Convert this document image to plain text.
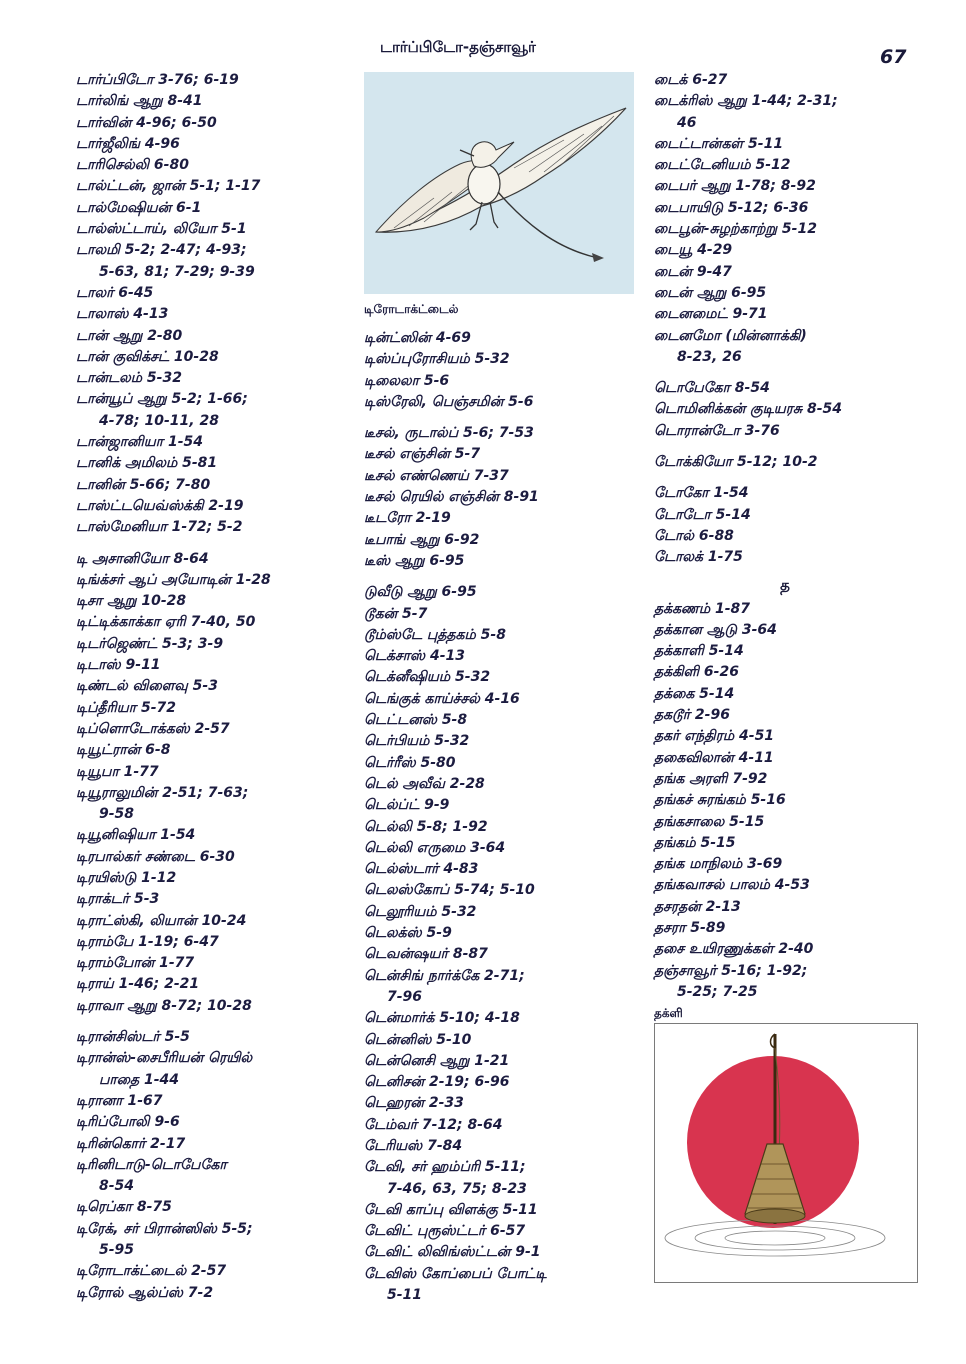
டார்ப்பிடோ-தஞ்சாவூர்	67
டார்ப்பிடோ 3-76; 6-19
டார்லிங் ஆறு 8-41
டார்வின் 4-96; 6-50
டார்ஜீலிங் 4-96
டாரிசெல்லி 6-80
டால்ட்டன், ஜான் 5-1; 1-17
டால்மேஷியன் 6-1
டால்ஸ்ட்டாய், லியோ 5-1
டாலமி 5-2; 2-47; 4-93;
5-63, 81; 7-29; 9-39
டாலர் 6-45
டாலாஸ் 4-13
டான் ஆறு 2-80
டான் குவிக்சட் 10-28
டான்டலம் 5-32
டான்யூப் ஆறு 5-2; 1-66;
4-78; 10-11, 28
டான்ஜானியா 1-54
டானிக் அமிலம் 5-81
டானின் 5-66; 7-80
டாஸ்ட்டயெவ்ஸ்க்கி 2-19
டாஸ்மேனியா 1-72; 5-2
டி அசானியோ 8-64
டிங்க்சர் ஆப் அயோடின் 1-28
டிசா ஆறு 10-28
டிட்டிக்காக்கா ஏரி 7-40, 50
டிடர்ஜெண்ட் 5-3; 3-9
டிடாஸ் 9-11
டிண்டல் விளைவு 5-3
டிப்தீரியா 5-72
டிப்ளொடோக்கஸ் 2-57
டியூட்ரான் 6-8
டியூபா 1-77
டியூராலுமின் 2-51; 7-63;
9-58
டியூனிஷியா 1-54
டிரபால்கர் சண்டை 6-30
டிரயிஸ்டு 1-12
டிராக்டர் 5-3
டிராட்ஸ்கி, லியான் 10-24
டிராம்பே 1-19; 6-47
டிராம்போன் 1-77
டிராய் 1-46; 2-21
டிராவா ஆறு 8-72; 10-28
டிரான்சிஸ்டர் 5-5
டிரான்ஸ்-சைபீரியன் ரெயில்
பாதை 1-44
டிரானா 1-67
டிரிப்போலி 9-6
டிரின்கொர் 2-17
டிரினிடாடு-டொபேகோ
8-54
டிரெப்கா 8-75
டிரேக், சர் பிரான்ஸிஸ் 5-5;
5-95
டிரோடாக்ட்டைல் 2-57
டிரோல் ஆல்ப்ஸ் 7-2
டிரோடாக்ட்டைல்
டின்ட்ஸின் 4-69
டிஸ்ப்புரோசியம் 5-32
டிலைலா 5-6
டிஸ்ரேலி, பெஞ்சமின் 5-6
டீசல், ருடால்ப் 5-6; 7-53
டீசல் எஞ்சின் 5-7
டீசல் எண்ணெய் 7-37
டீசல் ரெயில் எஞ்சின் 8-91
டீடரோ 2-19
டீபாங் ஆறு 6-92
டீஸ் ஆறு 6-95
டுவீடு ஆறு 6-95
டூகன் 5-7
டூம்ஸ்டே புத்தகம் 5-8
டெக்சாஸ் 4-13
டெக்னீஷியம் 5-32
டெங்குக் காய்ச்சல் 4-16
டெட்டனஸ் 5-8
டெர்பியம் 5-32
டெர்ரீஸ் 5-80
டெல் அவீவ் 2-28
டெல்ப்ட் 9-9
டெல்லி 5-8; 1-92
டெல்லி எருமை 3-64
டெல்ஸ்டார் 4-83
டெலஸ்கோப் 5-74; 5-10
டெலூரியம் 5-32
டெலக்ஸ் 5-9
டெவன்ஷயர் 8-87
டென்சிங் நார்க்கே 2-71;
7-96
டென்மார்க் 5-10; 4-18
டென்னிஸ் 5-10
டென்னெசி ஆறு 1-21
டெனிசன் 2-19; 6-96
டெஹரன் 2-33
டேம்வர் 7-12; 8-64
டேரியஸ் 7-84
டேவி, சர் ஹம்ப்ரி 5-11;
7-46, 63, 75; 8-23
டேவி காப்பு விளக்கு 5-11
டேவிட் புரூஸ்ட்டர் 6-57
டேவிட் லிவிங்ஸ்ட்டன் 9-1
டேவிஸ் கோப்பைப் போட்டி
5-11
டைக் 6-27
டைக்ரிஸ் ஆறு 1-44; 2-31;
46
டைட்டான்கள் 5-11
டைட்டேனியம் 5-12
டைபர் ஆறு 1-78; 8-92
டைபாயிடு 5-12; 6-36
டைபூன்-சுழற்காற்று 5-12
டையூ 4-29
டைன் 9-47
டைன் ஆறு 6-95
டைனமைட் 9-71
டைனமோ (மின்னாக்கி)
8-23, 26
டொபேகோ 8-54
டொமினிக்கன் குடியரசு 8-54
டொரான்டோ 3-76
டோக்கியோ 5-12; 10-2
டோகோ 1-54
டோடோ 5-14
டோல் 6-88
டோலக் 1-75
த
தக்கணம் 1-87
தக்கான ஆடு 3-64
தக்காளி 5-14
தக்கிளி 6-26
தக்கை 5-14
தகடூர் 2-96
தகர் எந்திரம் 4-51
தகைவிலான் 4-11
தங்க அரளி 7-92
தங்கச் சுரங்கம் 5-16
தங்கசாலை 5-15
தங்கம் 5-15
தங்க மாநிலம் 3-69
தங்கவாசல் பாலம் 4-53
தசரதன் 2-13
தசரா 5-89
தசை உயிரணுக்கள் 2-40
தஞ்சாவூர் 5-16; 1-92;
5-25; 7-25
தக்ளி
